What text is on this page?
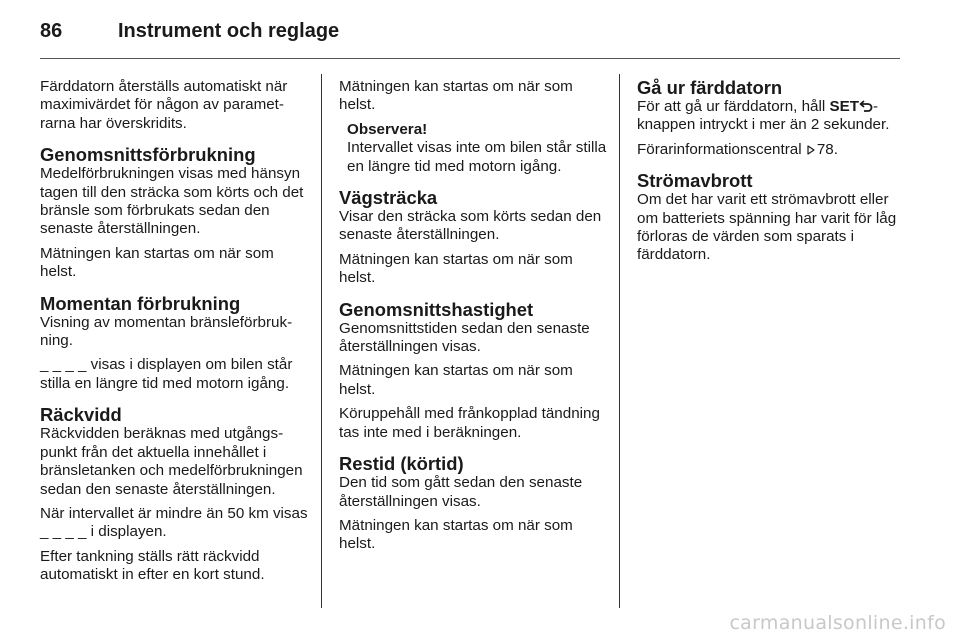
86	Instrument och reglage
Färddatorn återställs automatiskt när maximivärdet för någon av parametrarna har överskridits.
Genomsnittsförbrukning
Medelförbrukningen visas med hänsyn tagen till den sträcka som körts och det bränsle som förbrukats sedan den senaste återställningen.
Mätningen kan startas om när som helst.
Momentan förbrukning
Visning av momentan bränsleförbrukning.
_ _ _ _ visas i displayen om bilen står stilla en längre tid med motorn igång.
Räckvidd
Räckvidden beräknas med utgångspunkt från det aktuella innehållet i bränsletanken och medelförbrukningen sedan den senaste återställningen.
När intervallet är mindre än 50 km visas _ _ _ _ i displayen.
Efter tankning ställs rätt räckvidd automatiskt in efter en kort stund.
Mätningen kan startas om när som helst.
Observera!
Intervallet visas inte om bilen står stilla en längre tid med motorn igång.
Vägsträcka
Visar den sträcka som körts sedan den senaste återställningen.
Mätningen kan startas om när som helst.
Genomsnittshastighet
Genomsnittstiden sedan den senaste återställningen visas.
Mätningen kan startas om när som helst.
Köruppehåll med frånkopplad tändning tas inte med i beräkningen.
Restid (körtid)
Den tid som gått sedan den senaste återställningen visas.
Mätningen kan startas om när som helst.
Gå ur färddatorn
För att gå ur färddatorn, håll SET -knappen intryckt i mer än 2 sekunder.
Förarinformationscentral 78.
Strömavbrott
Om det har varit ett strömavbrott eller om batteriets spänning har varit för låg förloras de värden som sparats i färddatorn.
carmanualsonline.info
